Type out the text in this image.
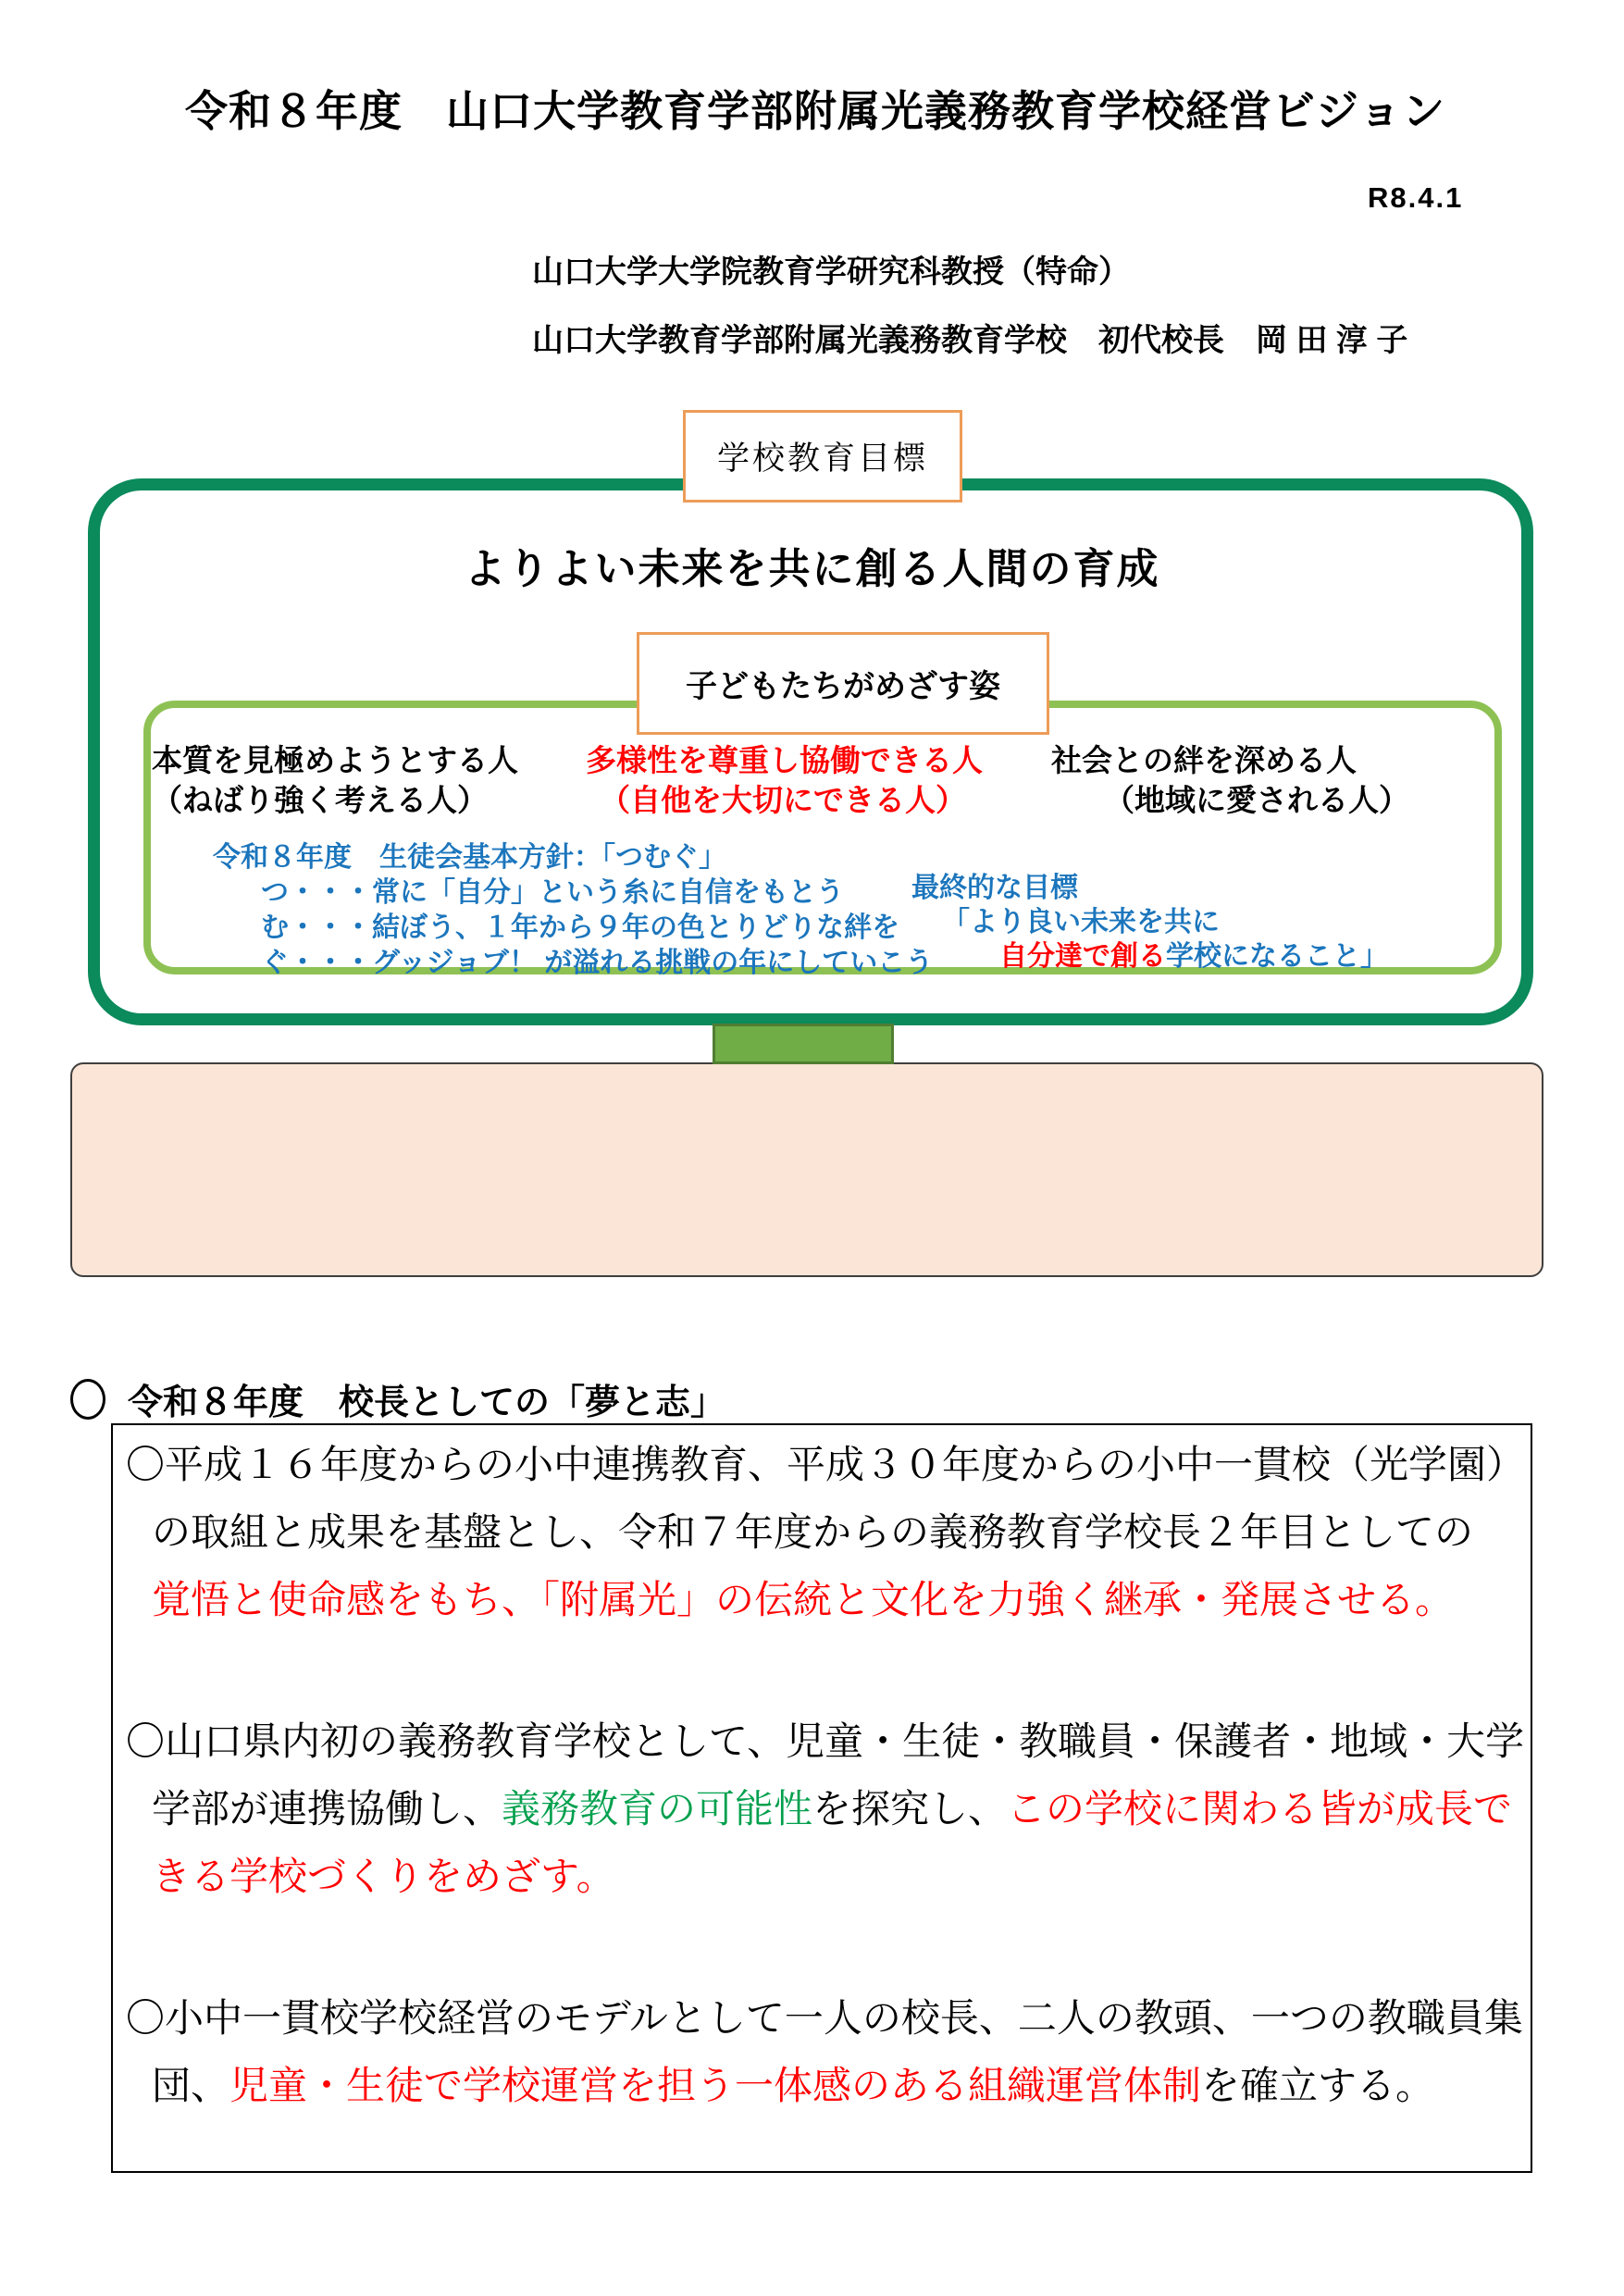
令和８年度　山口大学教育学部附属光義務教育学校経営ビジョン
R8.4.1
山口大学大学院教育学研究科教授（特命）
山口大学教育学部附属光義務教育学校　初代校長　岡 田 淳 子
学校教育目標
よりよい未来を共に創る人間の育成
子どもたちがめざす姿
本質を見極めようとする人
（ねばり強く考える人）
多様性を尊重し協働できる人
（自他を大切にできる人）
社会との絆を深める人
（地域に愛される人）
令和８年度　生徒会基本方針：「つむぐ」
つ・・・常に「自分」という糸に自信をもとう
む・・・結ぼう、１年から９年の色とりどりな絆を
ぐ・・・グッジョブ！ が溢れる挑戦の年にしていこう
最終的な目標
「より良い未来を共に
自分達で創る学校になること」
令和８年度　校長としての「夢と志」
〇平成１６年度からの小中連携教育、平成３０年度からの小中一貫校（光学園）
の取組と成果を基盤とし、令和７年度からの義務教育学校長２年目としての
覚悟と使命感をもち、「附属光」の伝統と文化を力強く継承・発展させる。
〇山口県内初の義務教育学校として、児童・生徒・教職員・保護者・地域・大学
学部が連携協働し、義務教育の可能性を探究し、この学校に関わる皆が成長で
きる学校づくりをめざす。
〇小中一貫校学校経営のモデルとして一人の校長、二人の教頭、一つの教職員集
団、児童・生徒で学校運営を担う一体感のある組織運営体制を確立する。
